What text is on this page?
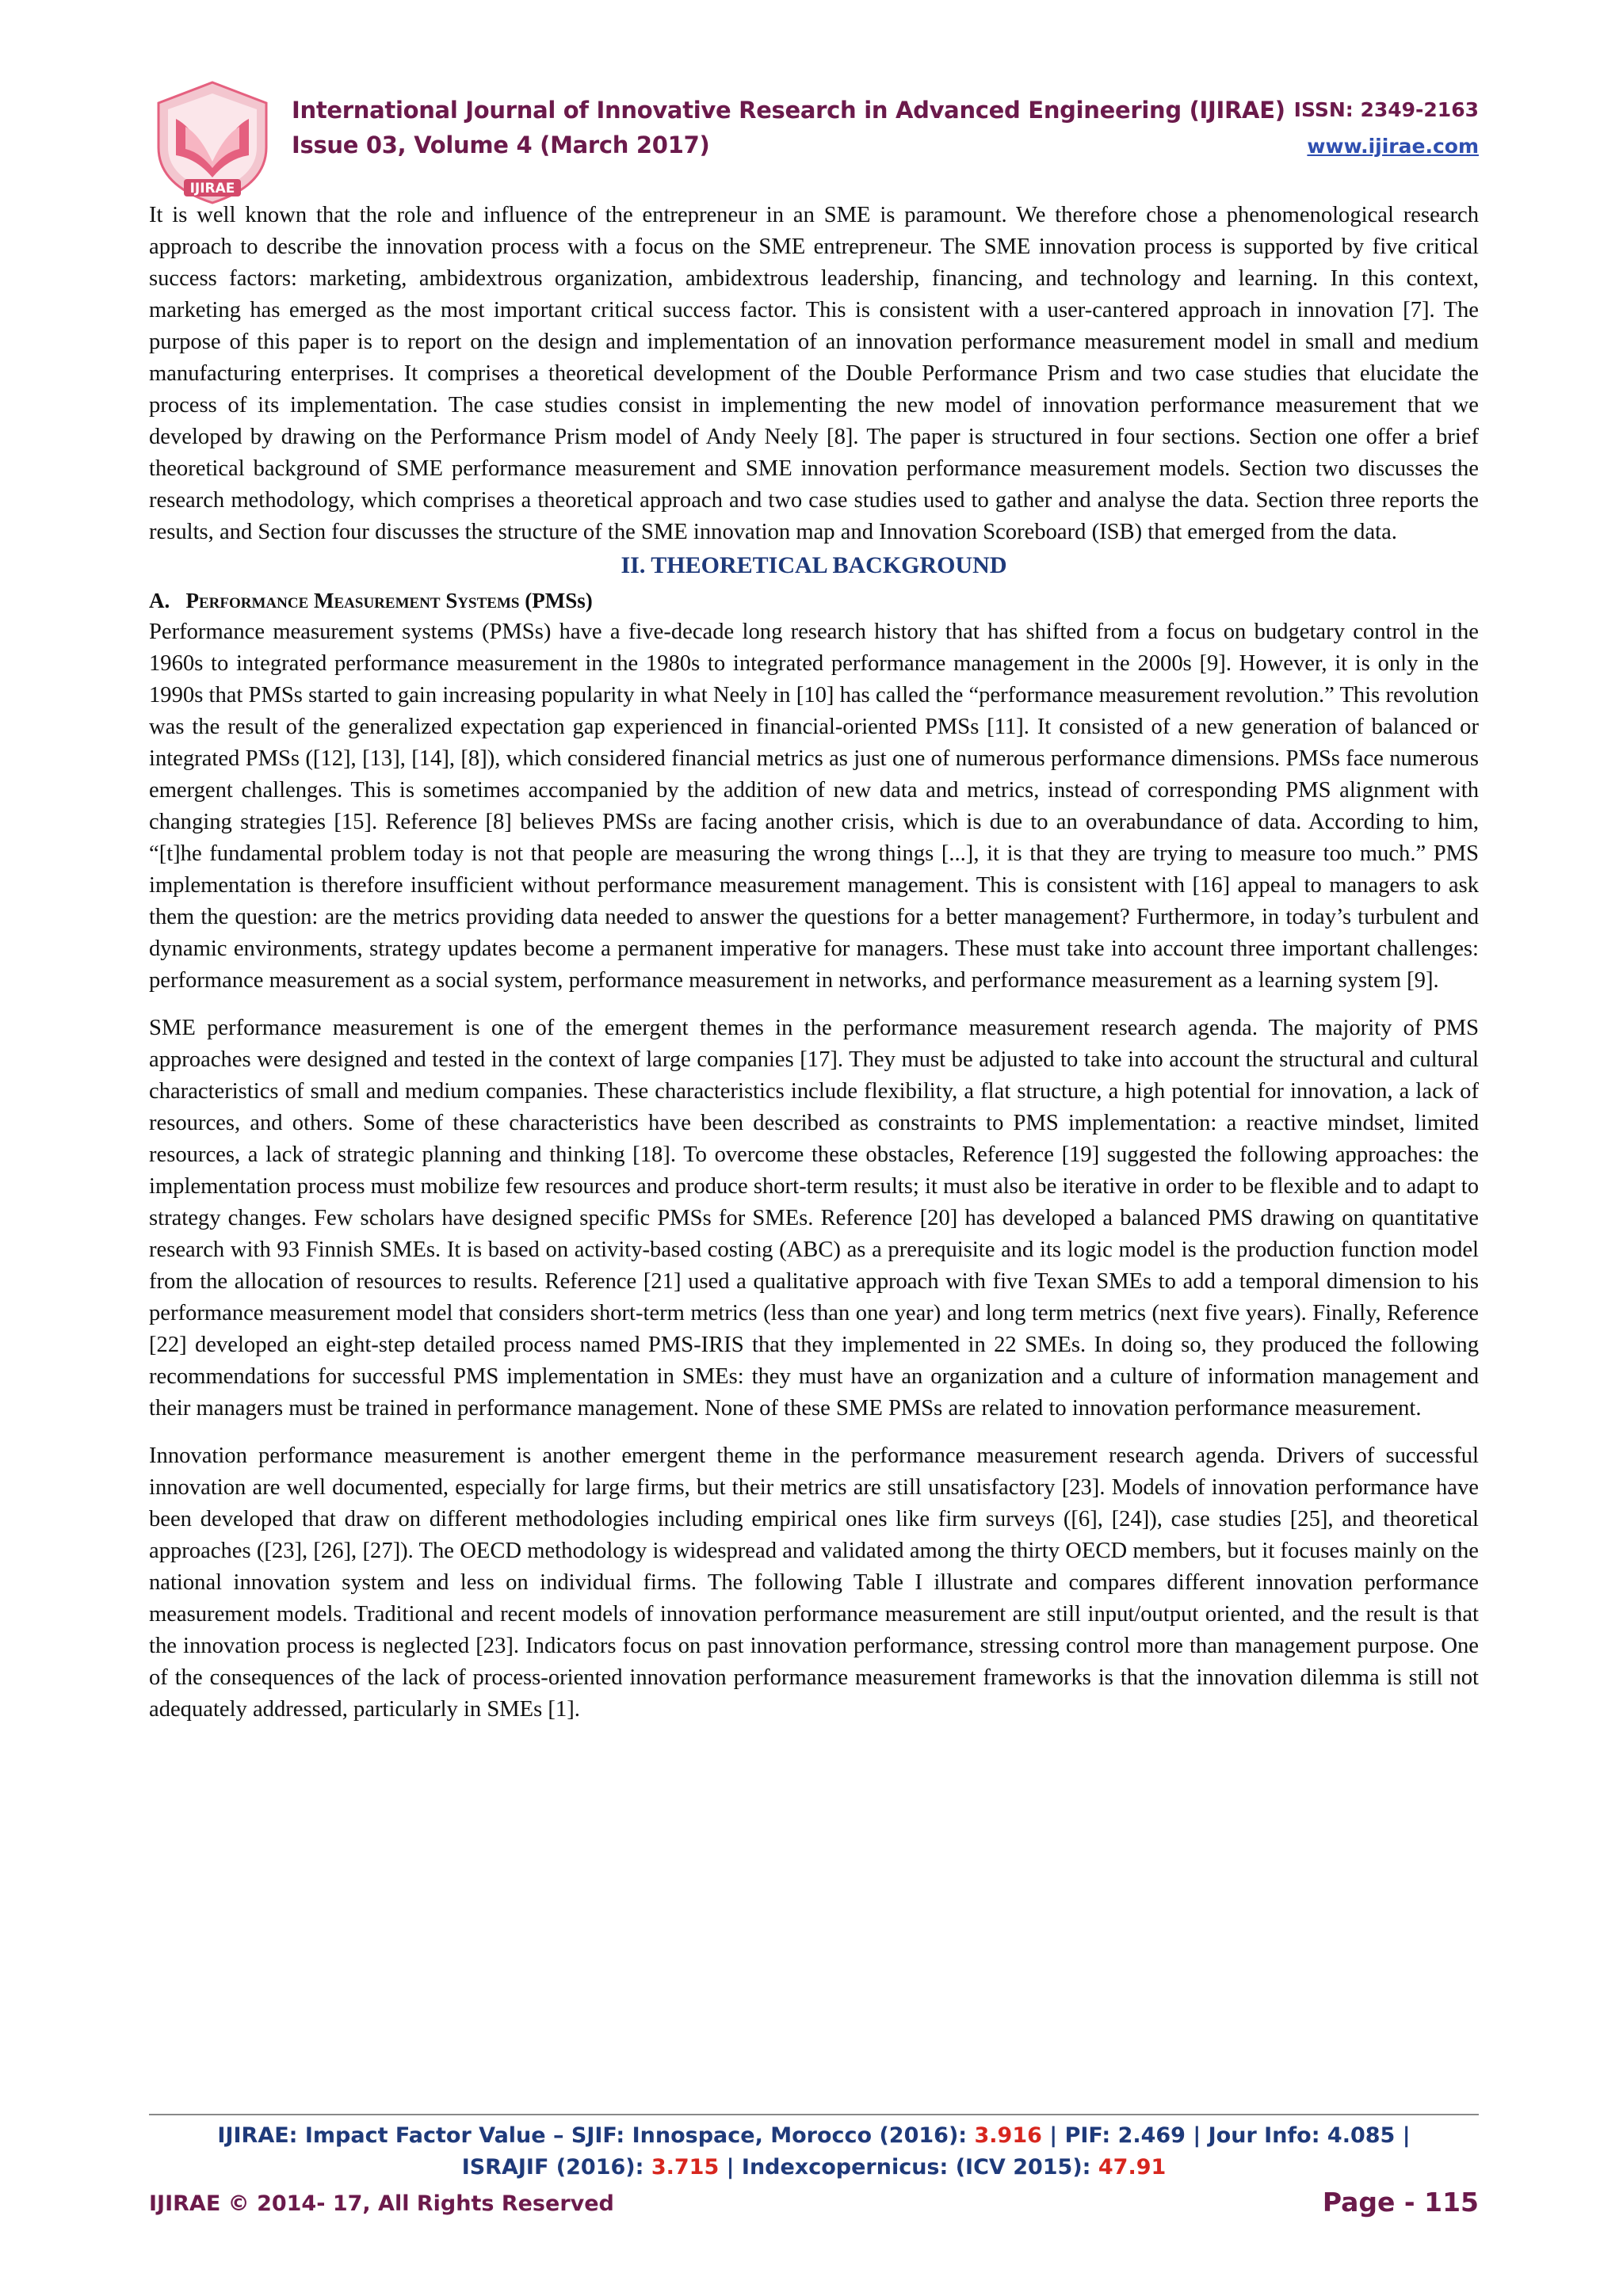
IJIRAE
International Journal of Innovative Research in Advanced Engineering (IJIRAE) ISSN: 2349-2163
Issue 03, Volume 4 (March 2017)	www.ijirae.com

It is well known that the role and influence of the entrepreneur in an SME is paramount. We therefore chose a phenomenological research approach to describe the innovation process with a focus on the SME entrepreneur. The SME innovation process is supported by five critical success factors: marketing, ambidextrous organization, ambidextrous leadership, financing, and technology and learning. In this context, marketing has emerged as the most important critical success factor. This is consistent with a user-cantered approach in innovation [7]. The purpose of this paper is to report on the design and implementation of an innovation performance measurement model in small and medium manufacturing enterprises. It comprises a theoretical development of the Double Performance Prism and two case studies that elucidate the process of its implementation. The case studies consist in implementing the new model of innovation performance measurement that we developed by drawing on the Performance Prism model of Andy Neely [8]. The paper is structured in four sections. Section one offer a brief theoretical background of SME performance measurement and SME innovation performance measurement models. Section two discusses the research methodology, which comprises a theoretical approach and two case studies used to gather and analyse the data. Section three reports the results, and Section four discusses the structure of the SME innovation map and Innovation Scoreboard (ISB) that emerged from the data.

II. THEORETICAL BACKGROUND
A. Performance Measurement Systems (PMSs)

Performance measurement systems (PMSs) have a five-decade long research history that has shifted from a focus on budgetary control in the 1960s to integrated performance measurement in the 1980s to integrated performance management in the 2000s [9]. However, it is only in the 1990s that PMSs started to gain increasing popularity in what Neely in [10] has called the “performance measurement revolution.” This revolution was the result of the generalized expectation gap experienced in financial-oriented PMSs [11]. It consisted of a new generation of balanced or integrated PMSs ([12], [13], [14], [8]), which considered financial metrics as just one of numerous performance dimensions. PMSs face numerous emergent challenges. This is sometimes accompanied by the addition of new data and metrics, instead of corresponding PMS alignment with changing strategies [15]. Reference [8] believes PMSs are facing another crisis, which is due to an overabundance of data. According to him, “[t]he fundamental problem today is not that people are measuring the wrong things [...], it is that they are trying to measure too much.” PMS implementation is therefore insufficient without performance measurement management. This is consistent with [16] appeal to managers to ask them the question: are the metrics providing data needed to answer the questions for a better management? Furthermore, in today’s turbulent and dynamic environments, strategy updates become a permanent imperative for managers. These must take into account three important challenges: performance measurement as a social system, performance measurement in networks, and performance measurement as a learning system [9].

SME performance measurement is one of the emergent themes in the performance measurement research agenda. The majority of PMS approaches were designed and tested in the context of large companies [17]. They must be adjusted to take into account the structural and cultural characteristics of small and medium companies. These characteristics include flexibility, a flat structure, a high potential for innovation, a lack of resources, and others. Some of these characteristics have been described as constraints to PMS implementation: a reactive mindset, limited resources, a lack of strategic planning and thinking [18]. To overcome these obstacles, Reference [19] suggested the following approaches: the implementation process must mobilize few resources and produce short-term results; it must also be iterative in order to be flexible and to adapt to strategy changes. Few scholars have designed specific PMSs for SMEs. Reference [20] has developed a balanced PMS drawing on quantitative research with 93 Finnish SMEs. It is based on activity-based costing (ABC) as a prerequisite and its logic model is the production function model from the allocation of resources to results. Reference [21] used a qualitative approach with five Texan SMEs to add a temporal dimension to his performance measurement model that considers short-term metrics (less than one year) and long term metrics (next five years). Finally, Reference [22] developed an eight-step detailed process named PMS-IRIS that they implemented in 22 SMEs. In doing so, they produced the following recommendations for successful PMS implementation in SMEs: they must have an organization and a culture of information management and their managers must be trained in performance management. None of these SME PMSs are related to innovation performance measurement.

Innovation performance measurement is another emergent theme in the performance measurement research agenda. Drivers of successful innovation are well documented, especially for large firms, but their metrics are still unsatisfactory [23]. Models of innovation performance have been developed that draw on different methodologies including empirical ones like firm surveys ([6], [24]), case studies [25], and theoretical approaches ([23], [26], [27]). The OECD methodology is widespread and validated among the thirty OECD members, but it focuses mainly on the national innovation system and less on individual firms. The following Table I illustrate and compares different innovation performance measurement models. Traditional and recent models of innovation performance measurement are still input/output oriented, and the result is that the innovation process is neglected [23]. Indicators focus on past innovation performance, stressing control more than management purpose. One of the consequences of the lack of process-oriented innovation performance measurement frameworks is that the innovation dilemma is still not adequately addressed, particularly in SMEs [1].

IJIRAE: Impact Factor Value – SJIF: Innospace, Morocco (2016): 3.916 | PIF: 2.469 | Jour Info: 4.085 |
ISRAJIF (2016): 3.715 | Indexcopernicus: (ICV 2015): 47.91
IJIRAE © 2014- 17, All Rights Reserved	Page - 115
